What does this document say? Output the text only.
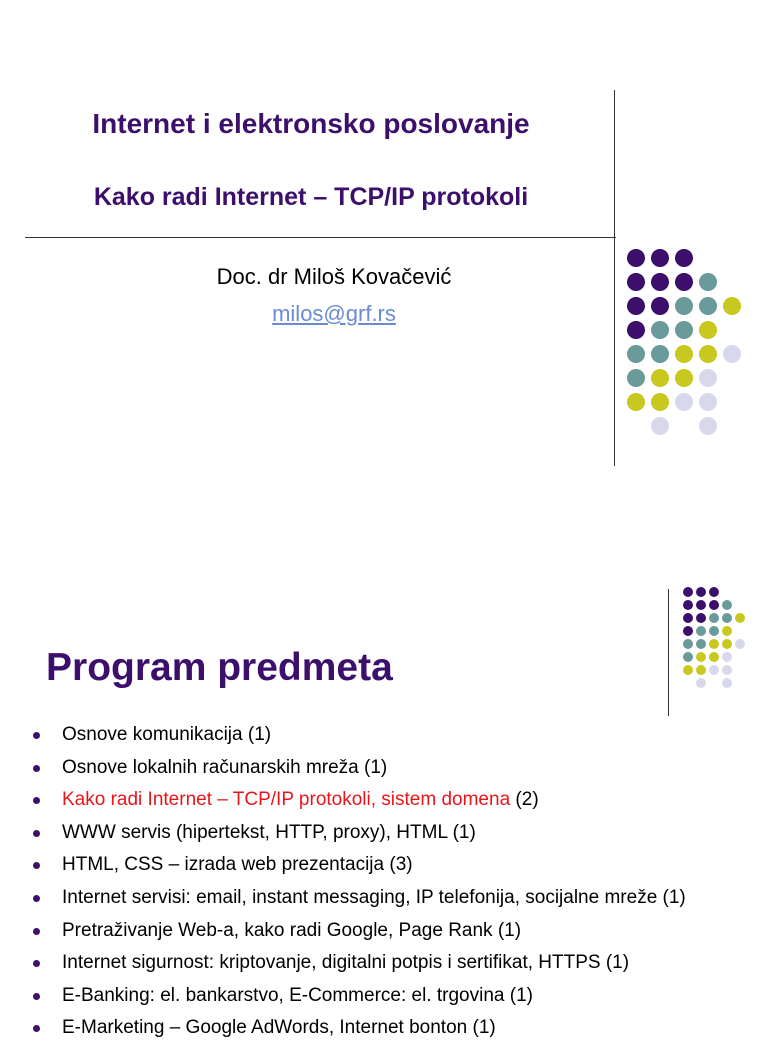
Internet i elektronsko poslovanje
Kako radi Internet – TCP/IP protokoli
Doc. dr Miloš Kovačević
milos@grf.rs
Program predmeta
Osnove komunikacija (1)
Osnove lokalnih računarskih mreža (1)
Kako radi Internet – TCP/IP protokoli, sistem domena (2)
WWW servis (hipertekst, HTTP, proxy), HTML (1)
HTML, CSS – izrada web prezentacija (3)
Internet servisi: email, instant messaging, IP telefonija, socijalne mreže (1)
Pretraživanje Web-a, kako radi Google, Page Rank (1)
Internet sigurnost: kriptovanje, digitalni potpis i sertifikat, HTTPS (1)
E-Banking: el. bankarstvo, E-Commerce: el. trgovina (1)
E-Marketing – Google AdWords, Internet bonton (1)
